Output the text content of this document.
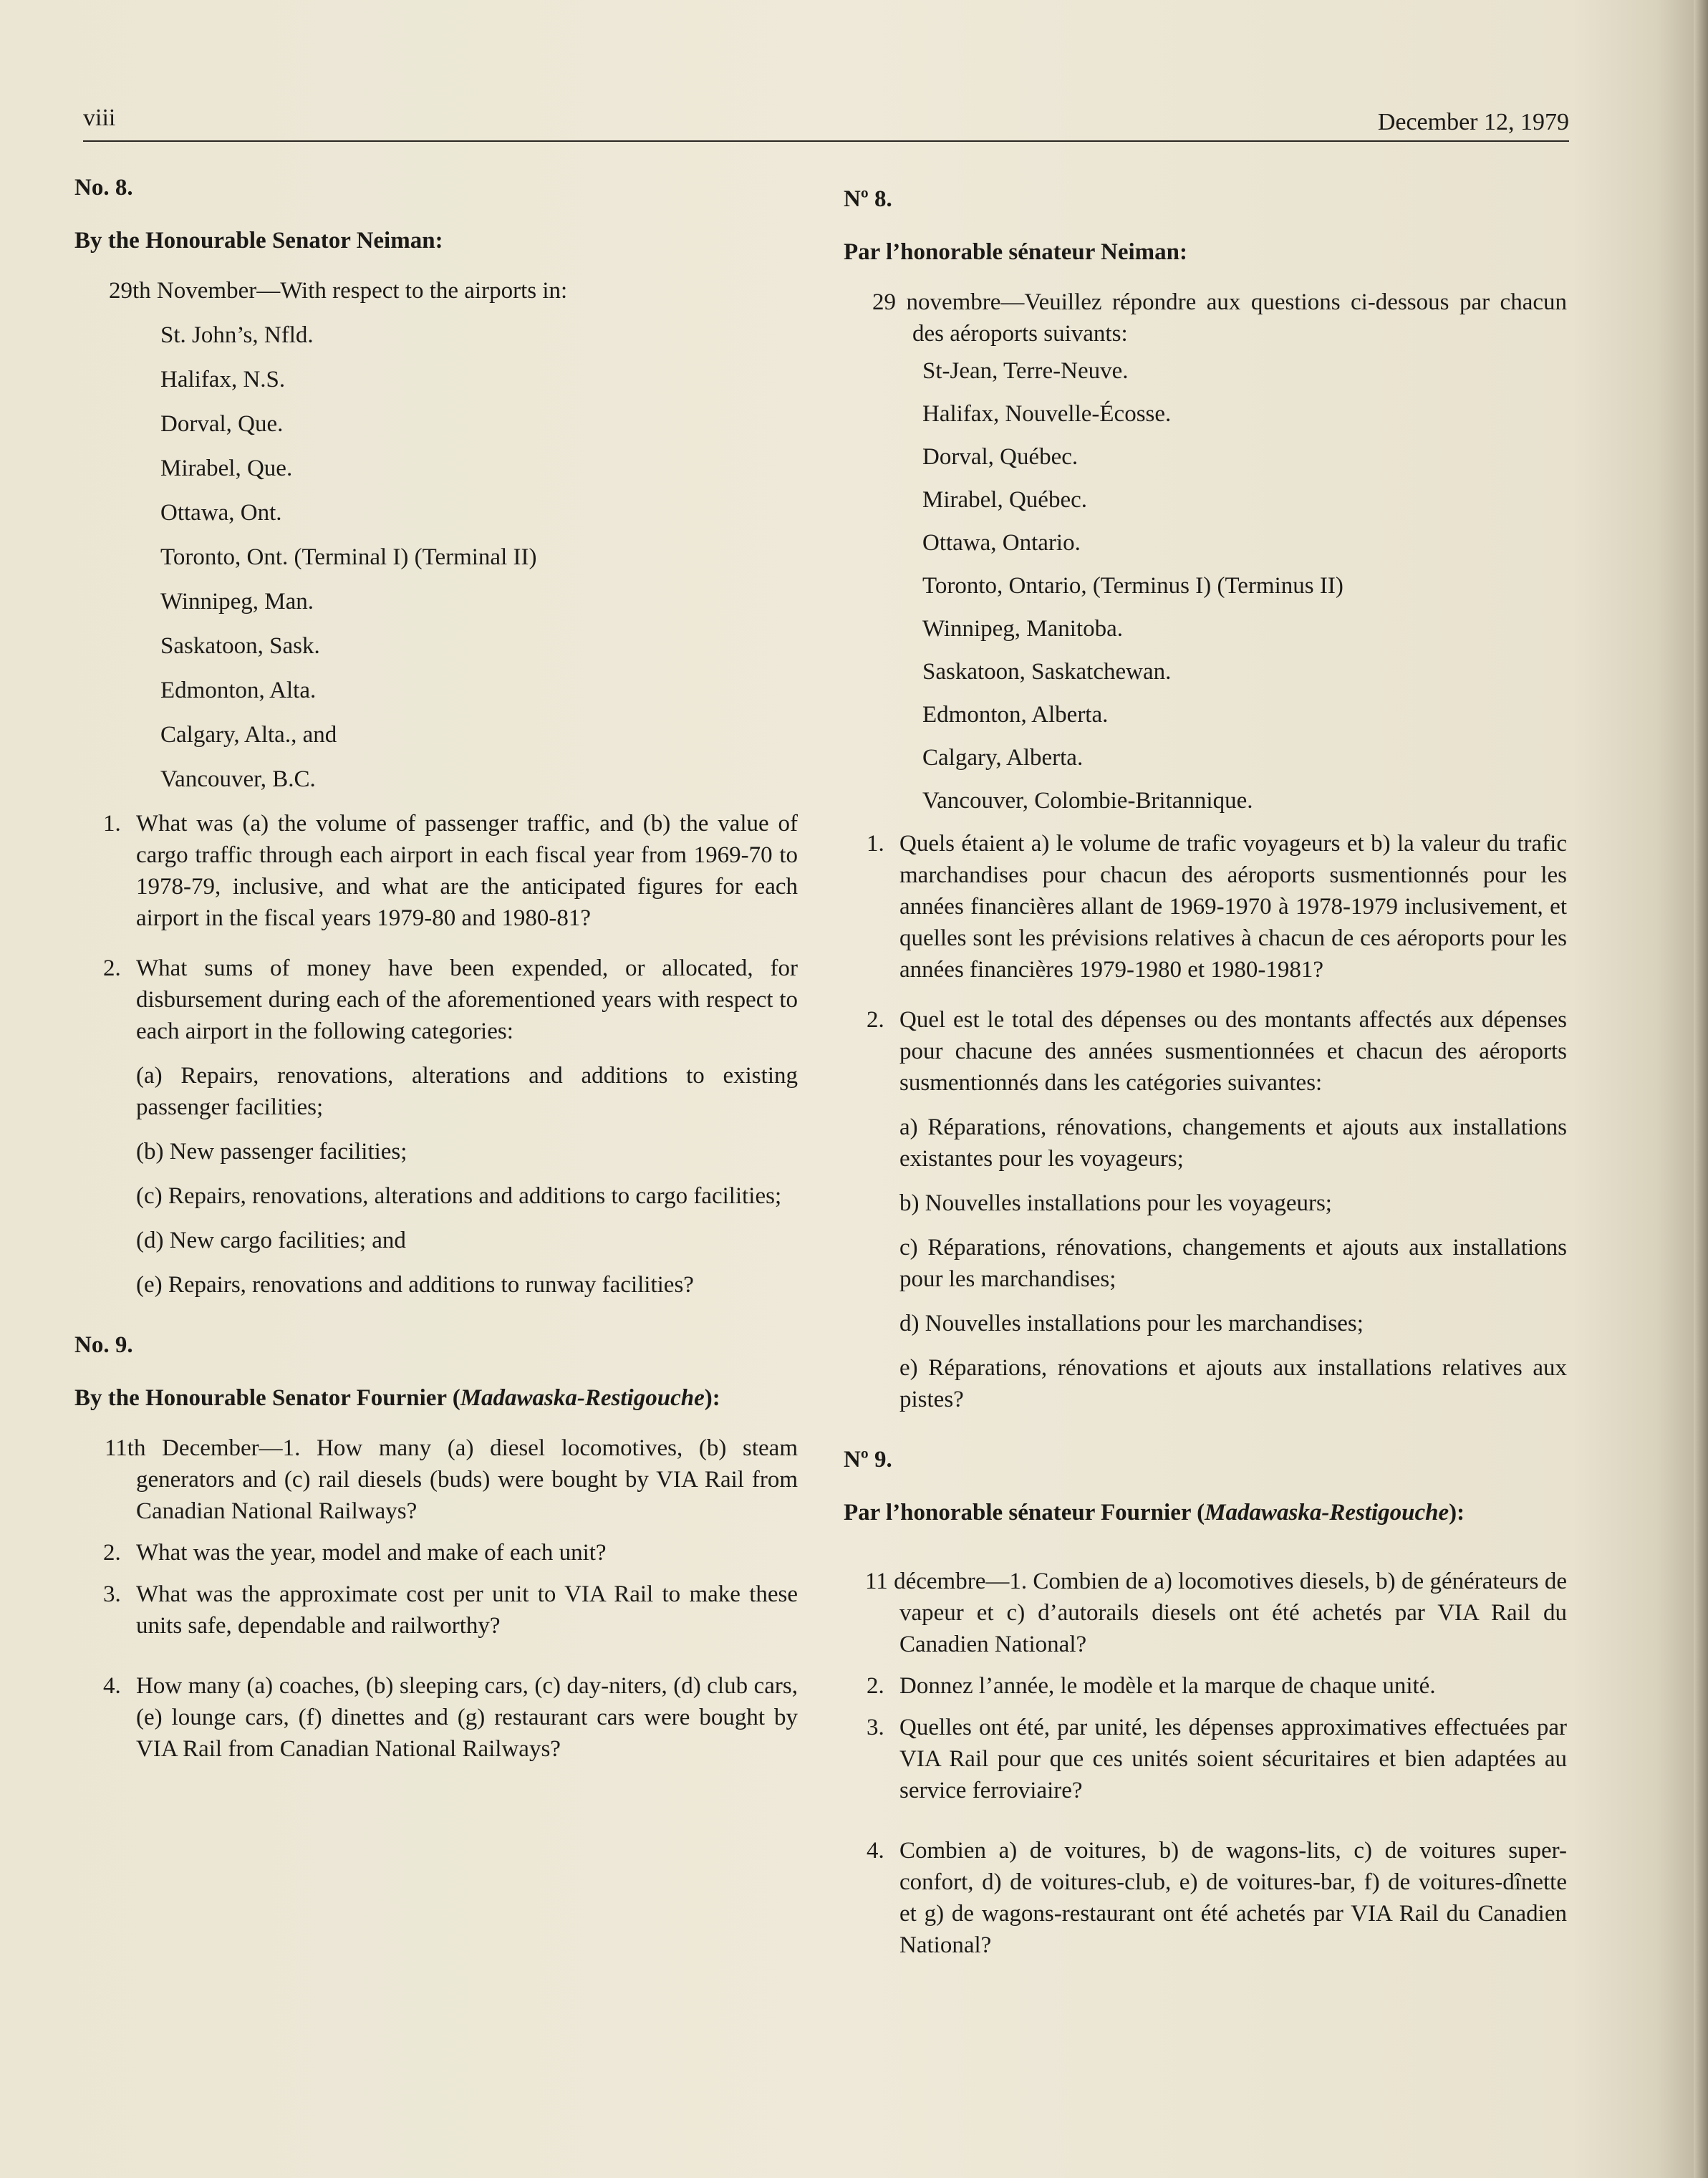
viii	December 12, 1979
No. 8.
By the Honourable Senator Neiman:
29th November—With respect to the airports in:
St. John’s, Nfld.
Halifax, N.S.
Dorval, Que.
Mirabel, Que.
Ottawa, Ont.
Toronto, Ont. (Terminal I) (Terminal II)
Winnipeg, Man.
Saskatoon, Sask.
Edmonton, Alta.
Calgary, Alta., and
Vancouver, B.C.
1. What was (a) the volume of passenger traffic, and (b) the value of cargo traffic through each airport in each fiscal year from 1969-70 to 1978-79, inclusive, and what are the anticipated figures for each airport in the fiscal years 1979-80 and 1980-81?
2. What sums of money have been expended, or allocated, for disbursement during each of the aforementioned years with respect to each airport in the following categories:
(a) Repairs, renovations, alterations and additions to existing passenger facilities;
(b) New passenger facilities;
(c) Repairs, renovations, alterations and additions to cargo facilities;
(d) New cargo facilities; and
(e) Repairs, renovations and additions to runway facilities?
No. 9.
By the Honourable Senator Fournier (Madawaska-Restigouche):
11th December—1. How many (a) diesel locomotives, (b) steam generators and (c) rail diesels (buds) were bought by VIA Rail from Canadian National Railways?
2. What was the year, model and make of each unit?
3. What was the approximate cost per unit to VIA Rail to make these units safe, dependable and railworthy?
4. How many (a) coaches, (b) sleeping cars, (c) day-niters, (d) club cars, (e) lounge cars, (f) dinettes and (g) restaurant cars were bought by VIA Rail from Canadian National Railways?
Nº 8.
Par l’honorable sénateur Neiman:
29 novembre—Veuillez répondre aux questions ci-dessous par chacun des aéroports suivants:
St-Jean, Terre-Neuve.
Halifax, Nouvelle-Écosse.
Dorval, Québec.
Mirabel, Québec.
Ottawa, Ontario.
Toronto, Ontario, (Terminus I) (Terminus II)
Winnipeg, Manitoba.
Saskatoon, Saskatchewan.
Edmonton, Alberta.
Calgary, Alberta.
Vancouver, Colombie-Britannique.
1. Quels étaient a) le volume de trafic voyageurs et b) la valeur du trafic marchandises pour chacun des aéroports susmentionnés pour les années financières allant de 1969-1970 à 1978-1979 inclusivement, et quelles sont les prévisions relatives à chacun de ces aéroports pour les années financières 1979-1980 et 1980-1981?
2. Quel est le total des dépenses ou des montants affectés aux dépenses pour chacune des années susmentionnées et chacun des aéroports susmentionnés dans les catégories suivantes:
a) Réparations, rénovations, changements et ajouts aux installations existantes pour les voyageurs;
b) Nouvelles installations pour les voyageurs;
c) Réparations, rénovations, changements et ajouts aux installations pour les marchandises;
d) Nouvelles installations pour les marchandises;
e) Réparations, rénovations et ajouts aux installations relatives aux pistes?
Nº 9.
Par l’honorable sénateur Fournier (Madawaska-Restigouche):
11 décembre—1. Combien de a) locomotives diesels, b) de générateurs de vapeur et c) d’autorails diesels ont été achetés par VIA Rail du Canadien National?
2. Donnez l’année, le modèle et la marque de chaque unité.
3. Quelles ont été, par unité, les dépenses approximatives effectuées par VIA Rail pour que ces unités soient sécuritaires et bien adaptées au service ferroviaire?
4. Combien a) de voitures, b) de wagons-lits, c) de voitures super-confort, d) de voitures-club, e) de voitures-bar, f) de voitures-dînette et g) de wagons-restaurant ont été achetés par VIA Rail du Canadien National?
